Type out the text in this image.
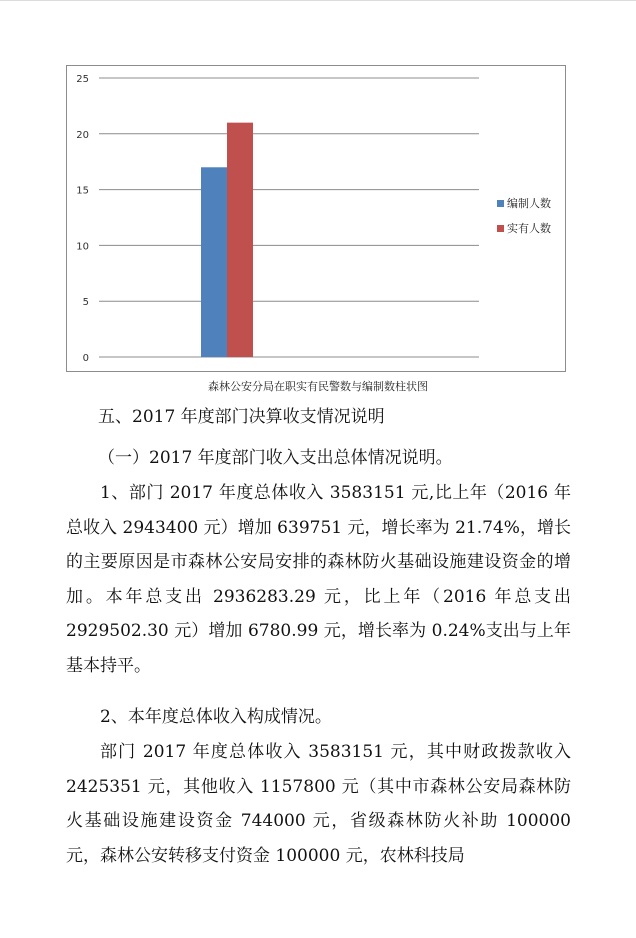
0
5
10
15
20
25
编制人数
实有人数
森林公安分局在职实有民警数与编制数柱状图

五、2017 年度部门决算收支情况说明

（一）2017 年度部门收入支出总体情况说明。

1、部门 2017 年度总体收入 3583151 元,比上年（2016 年总收入 2943400 元）增加 639751 元，增长率为 21.74%，增长的主要原因是市森林公安局安排的森林防火基础设施建设资金的增加。本年总支出 2936283.29 元，比上年（2016 年总支出 2929502.30 元）增加 6780.99 元，增长率为 0.24%支出与上年基本持平。

2、本年度总体收入构成情况。

部门 2017 年度总体收入 3583151 元，其中财政拨款收入 2425351 元，其他收入 1157800 元（其中市森林公安局森林防火基础设施建设资金 744000 元，省级森林防火补助 100000 元，森林公安转移支付资金 100000 元，农林科技局
